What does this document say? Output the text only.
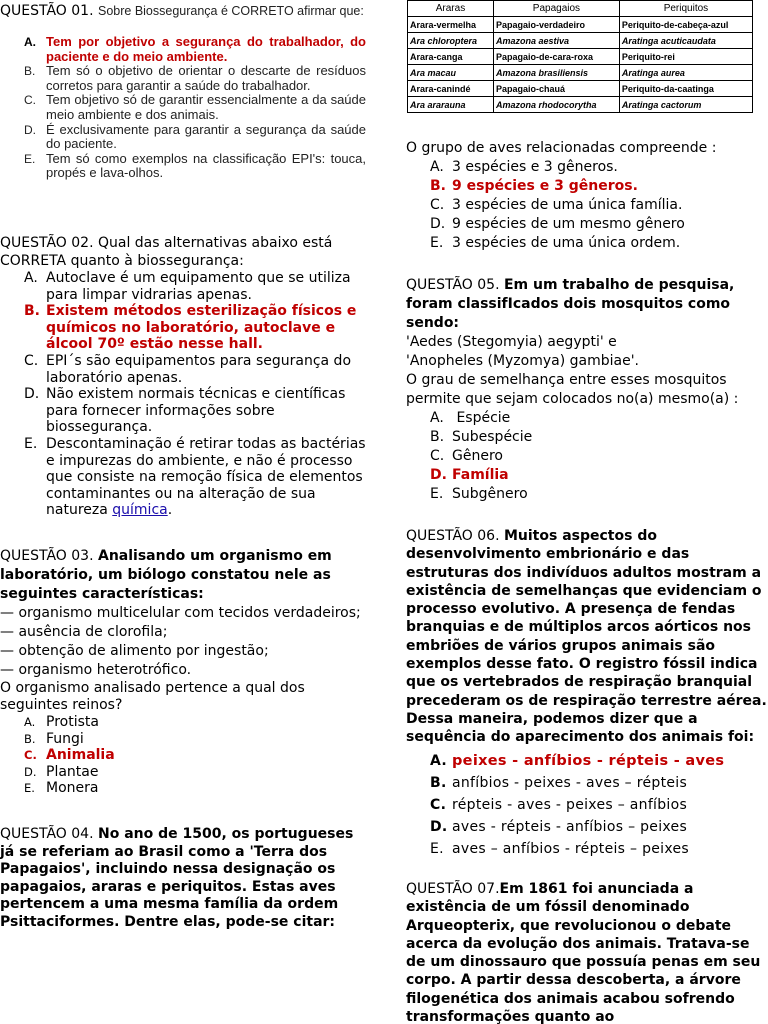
QUESTÃO 01. Sobre Biossegurança é CORRETO afirmar que:
A. Tem por objetivo a segurança do trabalhador, do paciente e do meio ambiente.
B. Tem só o objetivo de orientar o descarte de resíduos corretos para garantir a saúde do trabalhador.
C. Tem objetivo só de garantir essencialmente a da saúde meio ambiente e dos animais.
D. É exclusivamente para garantir a segurança da saúde do paciente.
E. Tem só como exemplos na classificação EPI's: touca, propés e lava-olhos.
QUESTÃO 02. Qual das alternativas abaixo está CORRETA quanto à biossegurança:
A. Autoclave é um equipamento que se utiliza para limpar vidrarias apenas.
B. Existem métodos esterilização físicos e químicos no laboratório, autoclave e álcool 70º estão nesse hall.
C. EPI´s são equipamentos para segurança do laboratório apenas.
D. Não existem normais técnicas e científicas para fornecer informações sobre biossegurança.
E. Descontaminação é retirar todas as bactérias e impurezas do ambiente, e não é processo que consiste na remoção física de elementos contaminantes ou na alteração de sua natureza química.
QUESTÃO 03. Analisando um organismo em laboratório, um biólogo constatou nele as seguintes características:
— organismo multicelular com tecidos verdadeiros;
— ausência de clorofila;
— obtenção de alimento por ingestão;
— organismo heterotrófico.
O organismo analisado pertence a qual dos seguintes reinos?
A. Protista
B. Fungi
C. Animalia
D. Plantae
E. Monera
QUESTÃO 04. No ano de 1500, os portugueses já se referiam ao Brasil como a 'Terra dos Papagaios', incluindo nessa designação os papagaios, araras e periquitos. Estas aves pertencem a uma mesma família da ordem Psittaciformes. Dentre elas, pode-se citar:
Araras	Papagaios	Periquitos
Arara-vermelha	Papagaio-verdadeiro	Periquito-de-cabeça-azul
Ara chloroptera	Amazona aestiva	Aratinga acuticaudata
Arara-canga	Papagaio-de-cara-roxa	Periquito-rei
Ara macau	Amazona brasiliensis	Aratinga aurea
Arara-canindé	Papagaio-chauá	Periquito-da-caatinga
Ara ararauna	Amazona rhodocorytha	Aratinga cactorum
O grupo de aves relacionadas compreende :
A. 3 espécies e 3 gêneros.
B. 9 espécies e 3 gêneros.
C. 3 espécies de uma única família.
D. 9 espécies de um mesmo gênero
E. 3 espécies de uma única ordem.
QUESTÃO 05. Em um trabalho de pesquisa, foram classifIcados dois mosquitos como sendo:
'Aedes (Stegomyia) aegypti' e
'Anopheles (Myzomya) gambiae'.
O grau de semelhança entre esses mosquitos permite que sejam colocados no(a) mesmo(a) :
A. Espécie
B. Subespécie
C. Gênero
D. Família
E. Subgênero
QUESTÃO 06. Muitos aspectos do desenvolvimento embrionário e das estruturas dos indivíduos adultos mostram a existência de semelhanças que evidenciam o processo evolutivo. A presença de fendas branquias e de múltiplos arcos aórticos nos embriões de vários grupos animais são exemplos desse fato. O registro fóssil indica que os vertebrados de respiração branquial precederam os de respiração terrestre aérea.
Dessa maneira, podemos dizer que a sequência do aparecimento dos animais foi:
A. peixes - anfíbios - répteis - aves
B. anfíbios - peixes - aves – répteis
C. répteis - aves - peixes – anfíbios
D. aves - répteis - anfíbios – peixes
E. aves – anfíbios - répteis – peixes
QUESTÃO 07.Em 1861 foi anunciada a existência de um fóssil denominado Arqueopterix, que revolucionou o debate acerca da evolução dos animais. Tratava-se de um dinossauro que possuía penas em seu corpo. A partir dessa descoberta, a árvore filogenética dos animais acabou sofrendo transformações quanto ao
